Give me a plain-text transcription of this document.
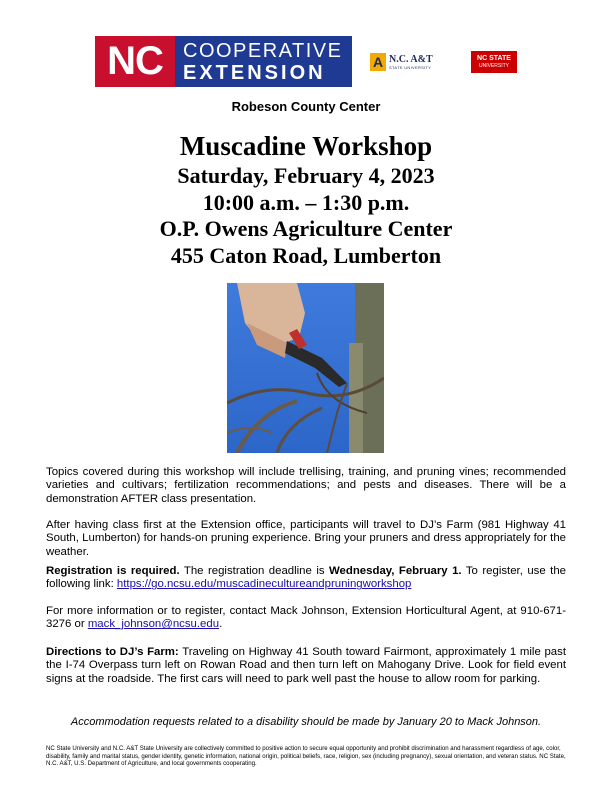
NC	COOPERATIVE
EXTENSION	A N.C. A&T
STATE UNIVERSITY
NC STATE
UNIVERSITY
Robeson County Center
Muscadine Workshop
Saturday, February 4, 2023
10:00 a.m. – 1:30 p.m.
O.P. Owens Agriculture Center
455 Caton Road, Lumberton
Topics covered during this workshop will include trellising, training, and pruning vines; recommended varieties and cultivars; fertilization recommendations; and pests and diseases. There will be a demonstration AFTER class presentation.
After having class first at the Extension office, participants will travel to DJ’s Farm (981 Highway 41 South, Lumberton) for hands-on pruning experience. Bring your pruners and dress appropriately for the weather.
Registration is required. The registration deadline is Wednesday, February 1. To register, use the following link: https://go.ncsu.edu/muscadinecultureandpruningworkshop
For more information or to register, contact Mack Johnson, Extension Horticultural Agent, at 910-671-3276 or mack_johnson@ncsu.edu.
Directions to DJ’s Farm: Traveling on Highway 41 South toward Fairmont, approximately 1 mile past the I-74 Overpass turn left on Rowan Road and then turn left on Mahogany Drive. Look for field event signs at the roadside. The first cars will need to park well past the house to allow room for parking.
Accommodation requests related to a disability should be made by January 20 to Mack Johnson.
NC State University and N.C. A&T State University are collectively committed to positive action to secure equal opportunity and prohibit discrimination and harassment regardless of age, color, disability, family and marital status, gender identity, genetic information, national origin, political beliefs, race, religion, sex (including pregnancy), sexual orientation, and veteran status. NC State, N.C. A&T, U.S. Department of Agriculture, and local governments cooperating.
